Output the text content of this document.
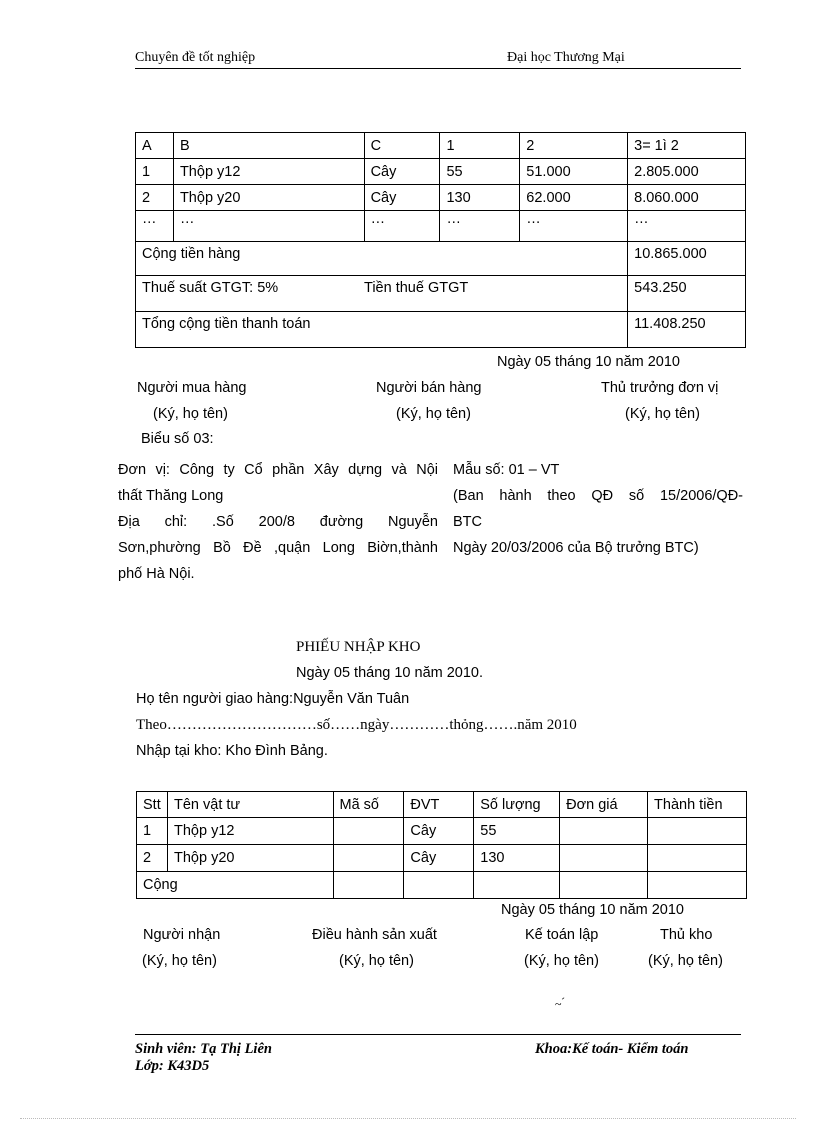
Chuyên đề tốt nghiệp	Đại học Thương Mại
A	B	C	1	2	3= 1ì 2
1	Thộp y12	Cây	55	51.000	2.805.000
2	Thộp y20	Cây	130	62.000	8.060.000
…	…	…	…	…	…
Cộng tiền hàng					10.865.000
Thuế suất GTGT: 5% Tiền thuế GTGT					543.250
Tổng cộng tiền thanh toán					11.408.250
Ngày 05 tháng 10 năm 2010
Người mua hàng	Người bán hàng	Thủ trưởng đơn vị
(Ký, họ tên)	(Ký, họ tên)	(Ký, họ tên)
Biểu số 03:
Đơn vị: Công ty Cổ phần Xây dựng và Nội
thất Thăng Long
Địa chỉ: .Số 200/8 đường Nguyễn
Sơn,phường Bồ Đề ,quận Long Biờn,thành
phố Hà Nội.
Mẫu số: 01 – VT
(Ban hành theo QĐ số 15/2006/QĐ-
BTC
Ngày 20/03/2006 của Bộ trưởng BTC)
PHIẾU NHẬP KHO
Ngày 05 tháng 10 năm 2010.
Họ tên người giao hàng:Nguyễn Văn Tuân
Theo…………………………số……ngày…………thỏng…….năm 2010
Nhập tại kho: Kho Đình Bảng.
Stt	Tên vật tư	Mã số	ĐVT	Số lượng	Đơn giá	Thành tiền
1	Thộp y12		Cây	55		
2	Thộp y20		Cây	130		
Cộng						
Ngày 05 tháng 10 năm 2010
Người nhận	Điều hành sản xuất	Kế toán lập	Thủ kho
(Ký, họ tên)	(Ký, họ tên)	(Ký, họ tên)	(Ký, họ tên)
~ ́
Sinh viên: Tạ Thị Liên
Lớp: K43D5
Khoa:Kế toán- Kiểm toán
